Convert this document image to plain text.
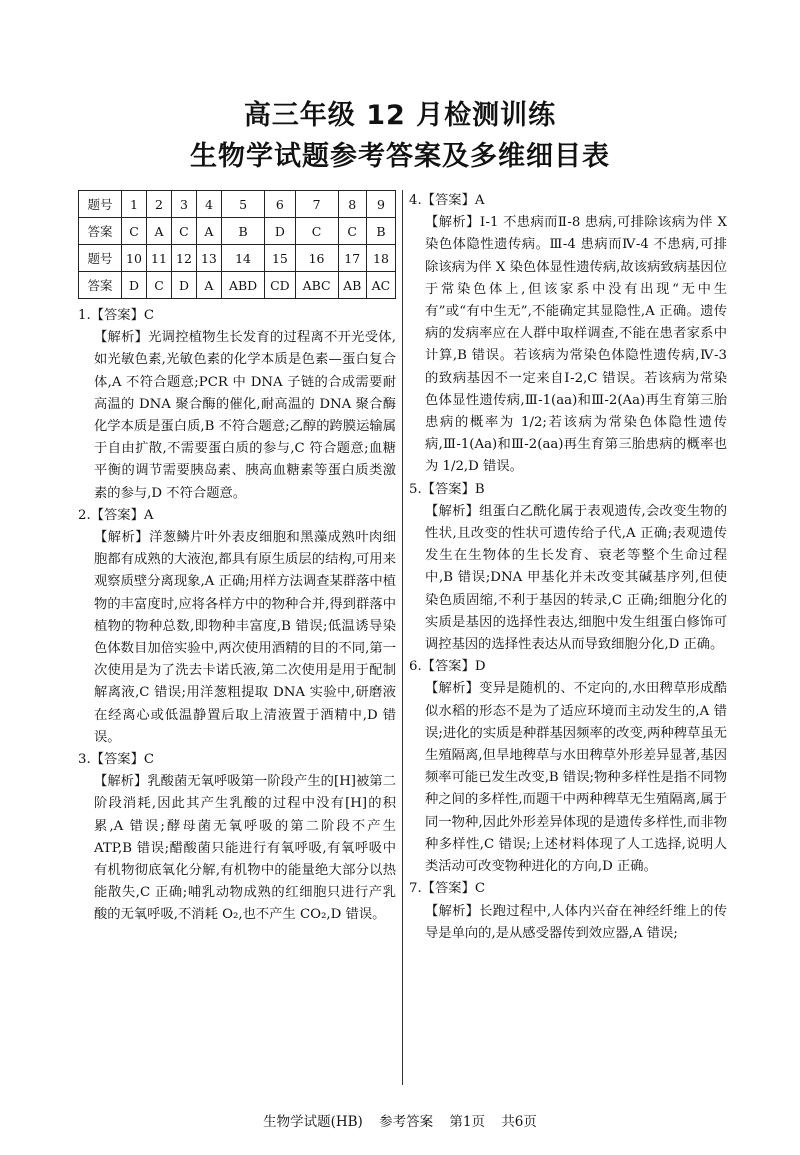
高三年级 12 月检测训练
生物学试题参考答案及多维细目表
题号	1	2	3	4	5	6	7	8	9
答案	C	A	C	A	B	D	C	C	B
题号	10	11	12	13	14	15	16	17	18
答案	D	C	D	A	ABD	CD	ABC	AB	AC
1.【答案】C
【解析】光调控植物生长发育的过程离不开光受体,如光敏色素,光敏色素的化学本质是色素—蛋白复合体,A 不符合题意;PCR 中 DNA 子链的合成需要耐高温的 DNA 聚合酶的催化,耐高温的 DNA 聚合酶化学本质是蛋白质,B 不符合题意;乙醇的跨膜运输属于自由扩散,不需要蛋白质的参与,C 符合题意;血糖平衡的调节需要胰岛素、胰高血糖素等蛋白质类激素的参与,D 不符合题意。
2.【答案】A
【解析】洋葱鳞片叶外表皮细胞和黑藻成熟叶肉细胞都有成熟的大液泡,都具有原生质层的结构,可用来观察质壁分离现象,A 正确;用样方法调查某群落中植物的丰富度时,应将各样方中的物种合并,得到群落中植物的物种总数,即物种丰富度,B 错误;低温诱导染色体数目加倍实验中,两次使用酒精的目的不同,第一次使用是为了洗去卡诺氏液,第二次使用是用于配制解离液,C 错误;用洋葱粗提取 DNA 实验中,研磨液在经离心或低温静置后取上清液置于酒精中,D 错误。
3.【答案】C
【解析】乳酸菌无氧呼吸第一阶段产生的[H]被第二阶段消耗,因此其产生乳酸的过程中没有[H]的积累,A 错误;酵母菌无氧呼吸的第二阶段不产生 ATP,B 错误;醋酸菌只能进行有氧呼吸,有氧呼吸中有机物彻底氧化分解,有机物中的能量绝大部分以热能散失,C 正确;哺乳动物成熟的红细胞只进行产乳酸的无氧呼吸,不消耗 O₂,也不产生 CO₂,D 错误。
4.【答案】A
【解析】Ⅰ-1 不患病而Ⅱ-8 患病,可排除该病为伴 X 染色体隐性遗传病。Ⅲ-4 患病而Ⅳ-4 不患病,可排除该病为伴 X 染色体显性遗传病,故该病致病基因位于常染色体上,但该家系中没有出现“无中生有”或“有中生无”,不能确定其显隐性,A 正确。遗传病的发病率应在人群中取样调查,不能在患者家系中计算,B 错误。若该病为常染色体隐性遗传病,Ⅳ-3 的致病基因不一定来自Ⅰ-2,C 错误。若该病为常染色体显性遗传病,Ⅲ-1(aa)和Ⅲ-2(Aa)再生育第三胎患病的概率为 1/2;若该病为常染色体隐性遗传病,Ⅲ-1(Aa)和Ⅲ-2(aa)再生育第三胎患病的概率也为 1/2,D 错误。
5.【答案】B
【解析】组蛋白乙酰化属于表观遗传,会改变生物的性状,且改变的性状可遗传给子代,A 正确;表观遗传发生在生物体的生长发育、衰老等整个生命过程中,B 错误;DNA 甲基化并未改变其碱基序列,但使染色质固缩,不利于基因的转录,C 正确;细胞分化的实质是基因的选择性表达,细胞中发生组蛋白修饰可调控基因的选择性表达从而导致细胞分化,D 正确。
6.【答案】D
【解析】变异是随机的、不定向的,水田稗草形成酷似水稻的形态不是为了适应环境而主动发生的,A 错误;进化的实质是种群基因频率的改变,两种稗草虽无生殖隔离,但旱地稗草与水田稗草外形差异显著,基因频率可能已发生改变,B 错误;物种多样性是指不同物种之间的多样性,而题干中两种稗草无生殖隔离,属于同一物种,因此外形差异体现的是遗传多样性,而非物种多样性,C 错误;上述材料体现了人工选择,说明人类活动可改变物种进化的方向,D 正确。
7.【答案】C
【解析】长跑过程中,人体内兴奋在神经纤维上的传导是单向的,是从感受器传到效应器,A 错误;
生物学试题(HB) 参考答案 第1页 共6页
